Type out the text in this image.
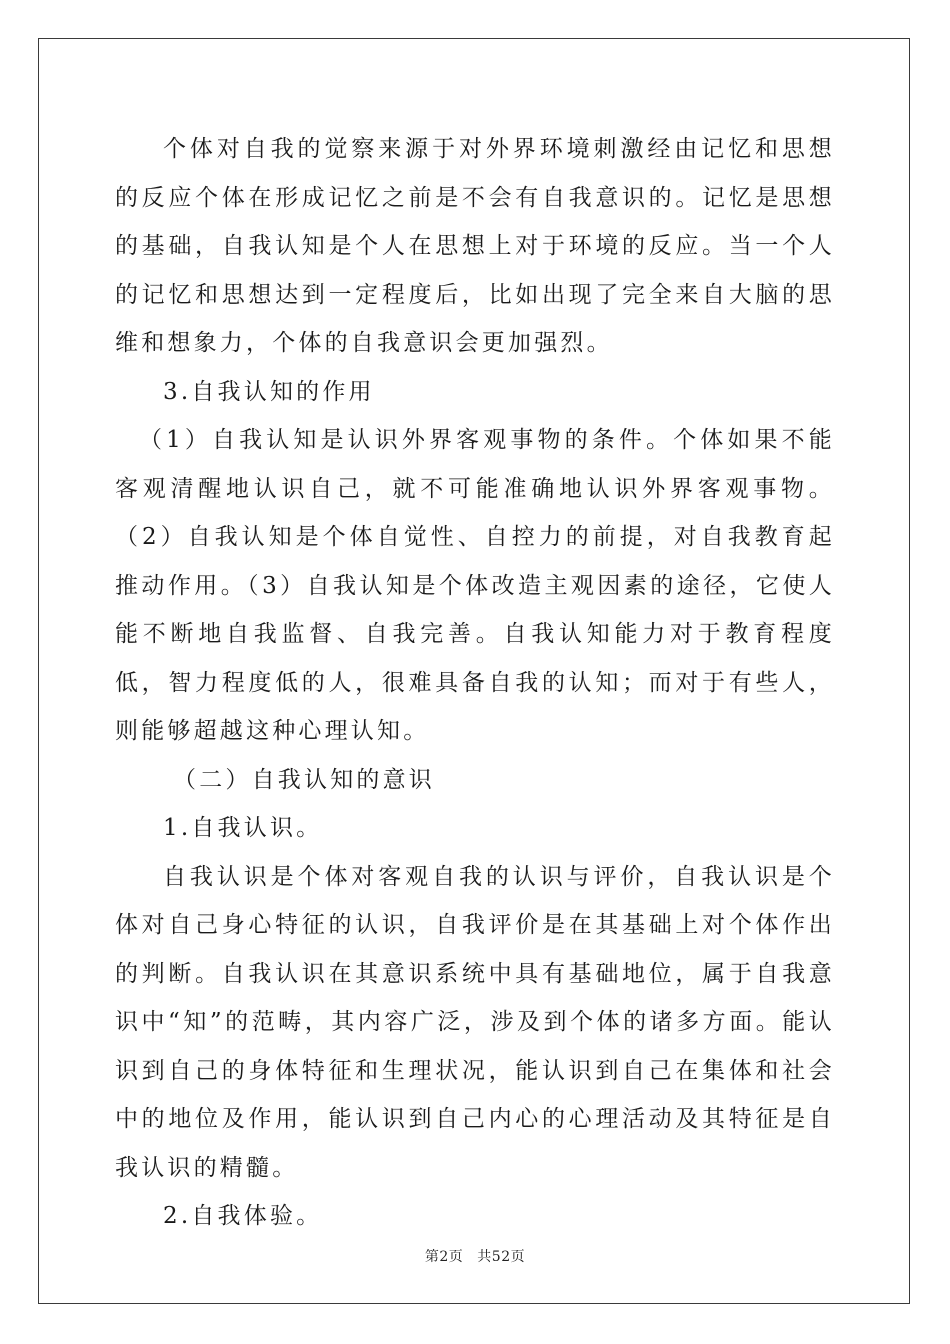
个体对自我的觉察来源于对外界环境刺激经由记忆和思想的反应个体在形成记忆之前是不会有自我意识的。记忆是思想的基础，自我认知是个人在思想上对于环境的反应。当一个人的记忆和思想达到一定程度后，比如出现了完全来自大脑的思维和想象力，个体的自我意识会更加强烈。

3.自我认知的作用

（1）自我认知是认识外界客观事物的条件。个体如果不能客观清醒地认识自己，就不可能准确地认识外界客观事物。（2）自我认知是个体自觉性、自控力的前提，对自我教育起推动作用。（3）自我认知是个体改造主观因素的途径，它使人能不断地自我监督、自我完善。自我认知能力对于教育程度低，智力程度低的人，很难具备自我的认知；而对于有些人，则能够超越这种心理认知。

（二）自我认知的意识

1.自我认识。

自我认识是个体对客观自我的认识与评价，自我认识是个体对自己身心特征的认识，自我评价是在其基础上对个体作出的判断。自我认识在其意识系统中具有基础地位，属于自我意识中“知”的范畴，其内容广泛，涉及到个体的诸多方面。能认识到自己的身体特征和生理状况，能认识到自己在集体和社会中的地位及作用，能认识到自己内心的心理活动及其特征是自我认识的精髓。

2.自我体验。

第2页 共52页
